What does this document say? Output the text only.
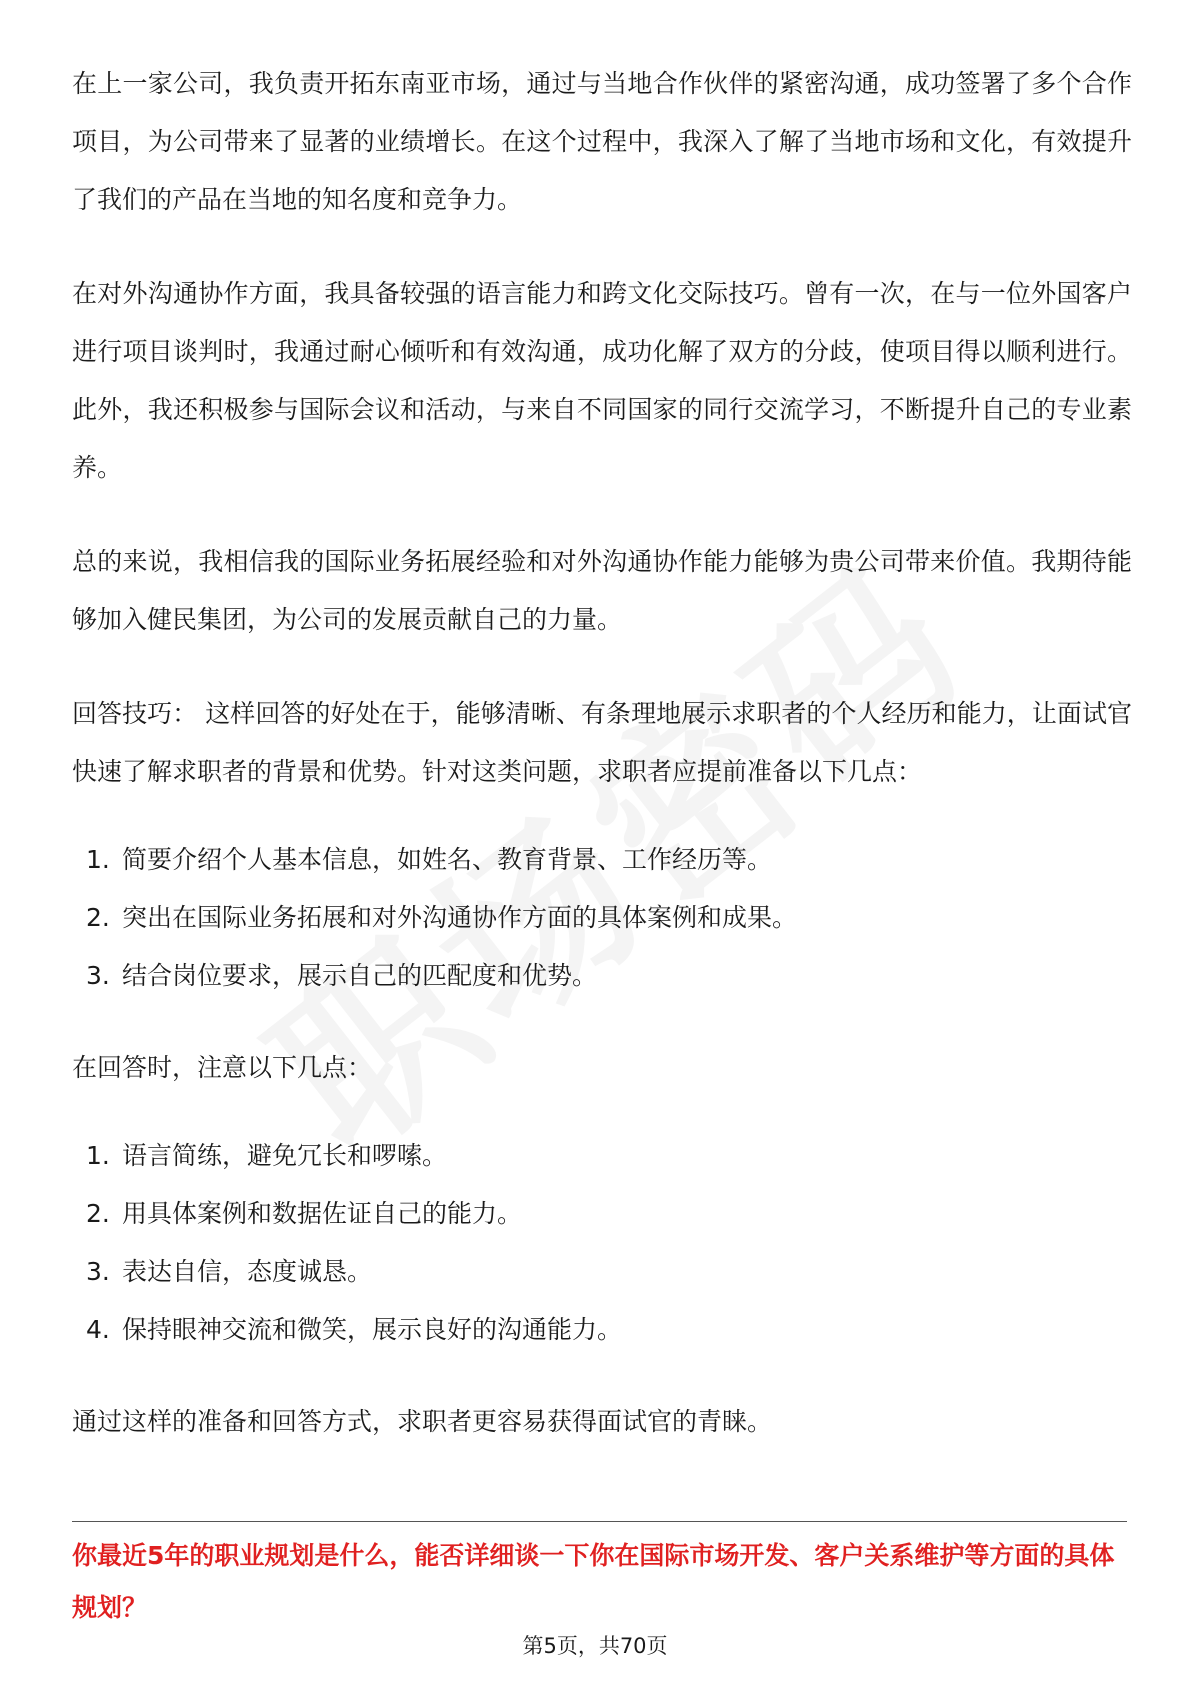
在上一家公司，我负责开拓东南亚市场，通过与当地合作伙伴的紧密沟通，成功签署了多个合作项目，为公司带来了显著的业绩增长。在这个过程中，我深入了解了当地市场和文化，有效提升了我们的产品在当地的知名度和竞争力。

在对外沟通协作方面，我具备较强的语言能力和跨文化交际技巧。曾有一次，在与一位外国客户进行项目谈判时，我通过耐心倾听和有效沟通，成功化解了双方的分歧，使项目得以顺利进行。此外，我还积极参与国际会议和活动，与来自不同国家的同行交流学习，不断提升自己的专业素养。

总的来说，我相信我的国际业务拓展经验和对外沟通协作能力能够为贵公司带来价值。我期待能够加入健民集团，为公司的发展贡献自己的力量。

回答技巧： 这样回答的好处在于，能够清晰、有条理地展示求职者的个人经历和能力，让面试官快速了解求职者的背景和优势。针对这类问题，求职者应提前准备以下几点：

1. 简要介绍个人基本信息，如姓名、教育背景、工作经历等。
2. 突出在国际业务拓展和对外沟通协作方面的具体案例和成果。
3. 结合岗位要求，展示自己的匹配度和优势。

在回答时，注意以下几点：

1. 语言简练，避免冗长和啰嗦。
2. 用具体案例和数据佐证自己的能力。
3. 表达自信，态度诚恳。
4. 保持眼神交流和微笑，展示良好的沟通能力。

通过这样的准备和回答方式，求职者更容易获得面试官的青睐。

你最近5年的职业规划是什么，能否详细谈一下你在国际市场开发、客户关系维护等方面的具体规划？

第5页，共70页
